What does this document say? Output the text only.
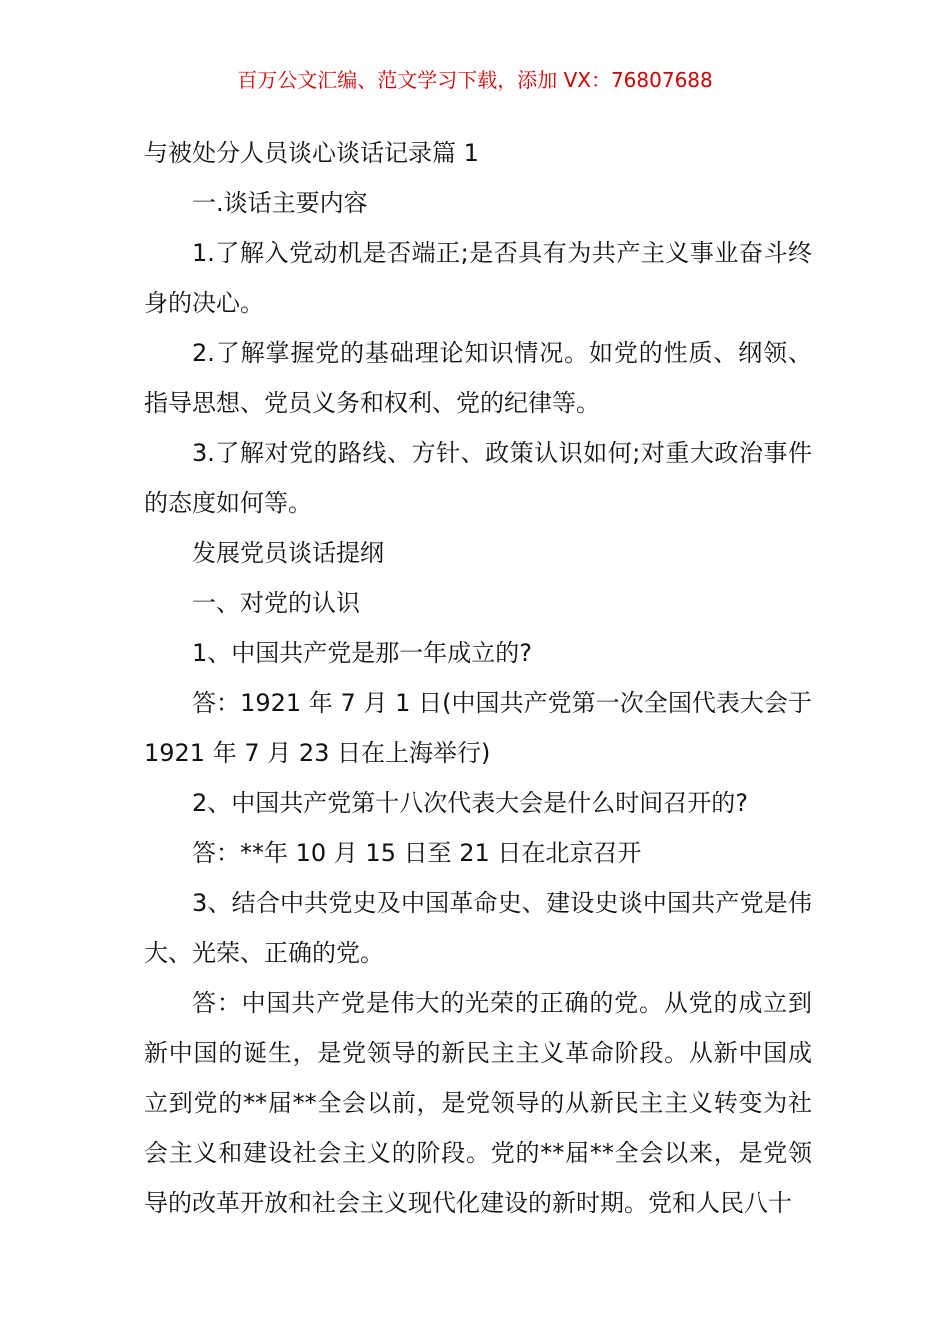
百万公文汇编、范文学习下载，添加 VX：76807688

与被处分人员谈心谈话记录篇 1

一.谈话主要内容

1.了解入党动机是否端正;是否具有为共产主义事业奋斗终身的决心。

2.了解掌握党的基础理论知识情况。如党的性质、纲领、指导思想、党员义务和权利、党的纪律等。

3.了解对党的路线、方针、政策认识如何;对重大政治事件的态度如何等。

发展党员谈话提纲

一、对党的认识

1、中国共产党是那一年成立的?

答：1921 年 7 月 1 日(中国共产党第一次全国代表大会于 1921 年 7 月 23 日在上海举行)

2、中国共产党第十八次代表大会是什么时间召开的?

答：**年 10 月 15 日至 21 日在北京召开

3、结合中共党史及中国革命史、建设史谈中国共产党是伟大、光荣、正确的党。

答：中国共产党是伟大的光荣的正确的党。从党的成立到新中国的诞生，是党领导的新民主主义革命阶段。从新中国成立到党的**届**全会以前，是党领导的从新民主主义转变为社会主义和建设社会主义的阶段。党的**届**全会以来，是党领导的改革开放和社会主义现代化建设的新时期。党和人民八十
